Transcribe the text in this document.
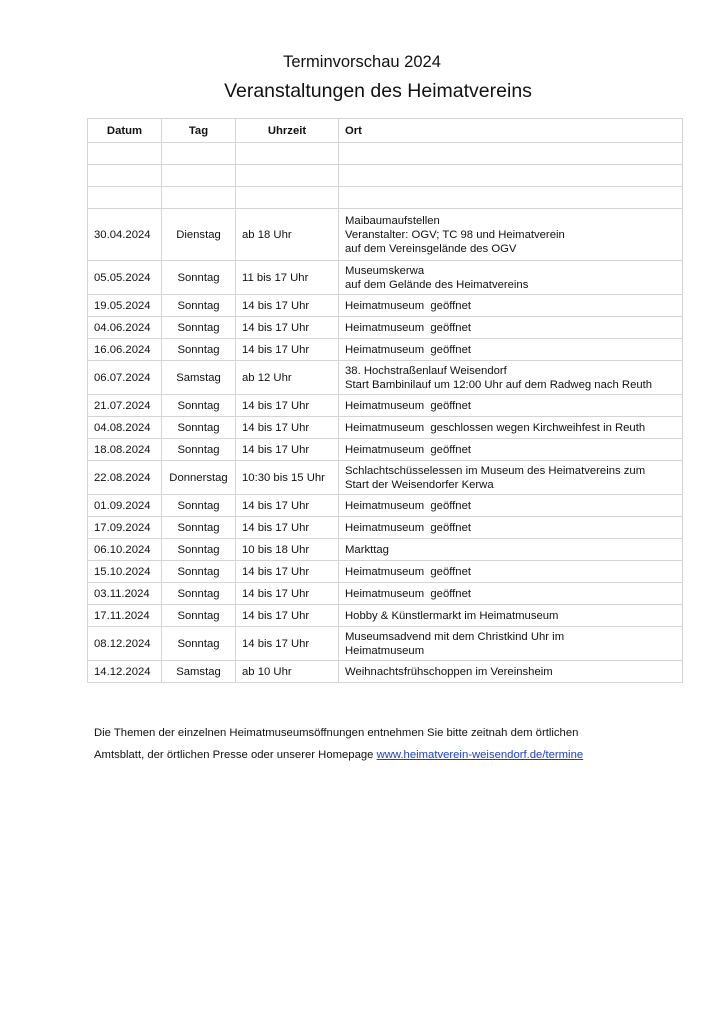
Terminvorschau 2024
Veranstaltungen des Heimatvereins
Datum	Tag	Uhrzeit	Ort

30.04.2024	Dienstag	ab 18 Uhr	Maibaumaufstellen
Veranstalter: OGV; TC 98 und Heimatverein
auf dem Vereinsgelände des OGV

05.05.2024	Sonntag	11 bis 17 Uhr	Museumskerwa
auf dem Gelände des Heimatvereins

19.05.2024	Sonntag	14 bis 17 Uhr	Heimatmuseum  geöffnet

04.06.2024	Sonntag	14 bis 17 Uhr	Heimatmuseum  geöffnet

16.06.2024	Sonntag	14 bis 17 Uhr	Heimatmuseum  geöffnet

06.07.2024	Samstag	ab 12 Uhr	38. Hochstraßenlauf Weisendorf
Start Bambinilauf um 12:00 Uhr auf dem Radweg nach Reuth

21.07.2024	Sonntag	14 bis 17 Uhr	Heimatmuseum  geöffnet

04.08.2024	Sonntag	14 bis 17 Uhr	Heimatmuseum  geschlossen wegen Kirchweihfest in Reuth

18.08.2024	Sonntag	14 bis 17 Uhr	Heimatmuseum  geöffnet

22.08.2024	Donnerstag	10:30 bis 15 Uhr	Schlachtschüsselessen im Museum des Heimatvereins zum
Start der Weisendorfer Kerwa

01.09.2024	Sonntag	14 bis 17 Uhr	Heimatmuseum  geöffnet

17.09.2024	Sonntag	14 bis 17 Uhr	Heimatmuseum  geöffnet

06.10.2024	Sonntag	10 bis 18 Uhr	Markttag

15.10.2024	Sonntag	14 bis 17 Uhr	Heimatmuseum  geöffnet

03.11.2024	Sonntag	14 bis 17 Uhr	Heimatmuseum  geöffnet

17.11.2024	Sonntag	14 bis 17 Uhr	Hobby & Künstlermarkt im Heimatmuseum

08.12.2024	Sonntag	14 bis 17 Uhr	Museumsadvend mit dem Christkind Uhr im
Heimatmuseum

14.12.2024	Samstag	ab 10 Uhr	Weihnachtsfrühschoppen im Vereinsheim
Die Themen der einzelnen Heimatmuseumsöffnungen entnehmen Sie bitte zeitnah dem örtlichen
Amtsblatt, der örtlichen Presse oder unserer Homepage www.heimatverein-weisendorf.de/termine
